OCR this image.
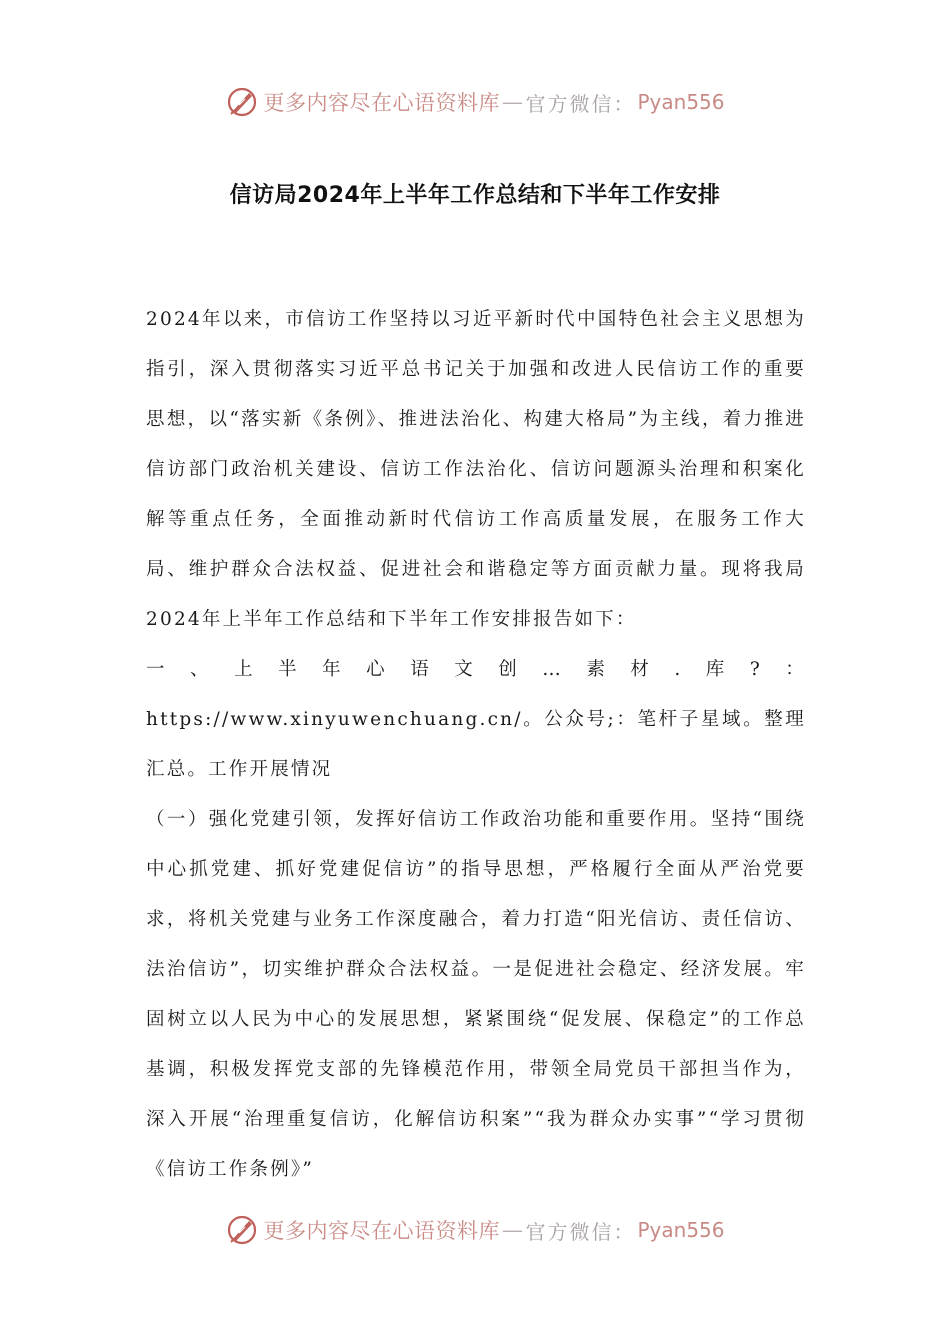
更多内容尽在心语资料库 — 官方微信： Pyan556
信访局2024年上半年工作总结和下半年工作安排

2024年以来，市信访工作坚持以习近平新时代中国特色社会主义思想为指引，深入贯彻落实习近平总书记关于加强和改进人民信访工作的重要思想，以“落实新《条例》、推进法治化、构建大格局”为主线，着力推进信访部门政治机关建设、信访工作法治化、信访问题源头治理和积案化解等重点任务，全面推动新时代信访工作高质量发展，在服务工作大局、维护群众合法权益、促进社会和谐稳定等方面贡献力量。现将我局2024年上半年工作总结和下半年工作安排报告如下：

一、上半年心语文创…素材.库?：https://www.xinyuwenchuang.cn/。公众号;：笔杆子星域。整理汇总。工作开展情况

（一）强化党建引领，发挥好信访工作政治功能和重要作用。坚持“围绕中心抓党建、抓好党建促信访”的指导思想，严格履行全面从严治党要求，将机关党建与业务工作深度融合，着力打造“阳光信访、责任信访、法治信访”，切实维护群众合法权益。一是促进社会稳定、经济发展。牢固树立以人民为中心的发展思想，紧紧围绕“促发展、保稳定”的工作总基调，积极发挥党支部的先锋模范作用，带领全局党员干部担当作为，深入开展“治理重复信访，化解信访积案”“我为群众办实事”“学习贯彻《信访工作条例》”

更多内容尽在心语资料库 — 官方微信： Pyan556
